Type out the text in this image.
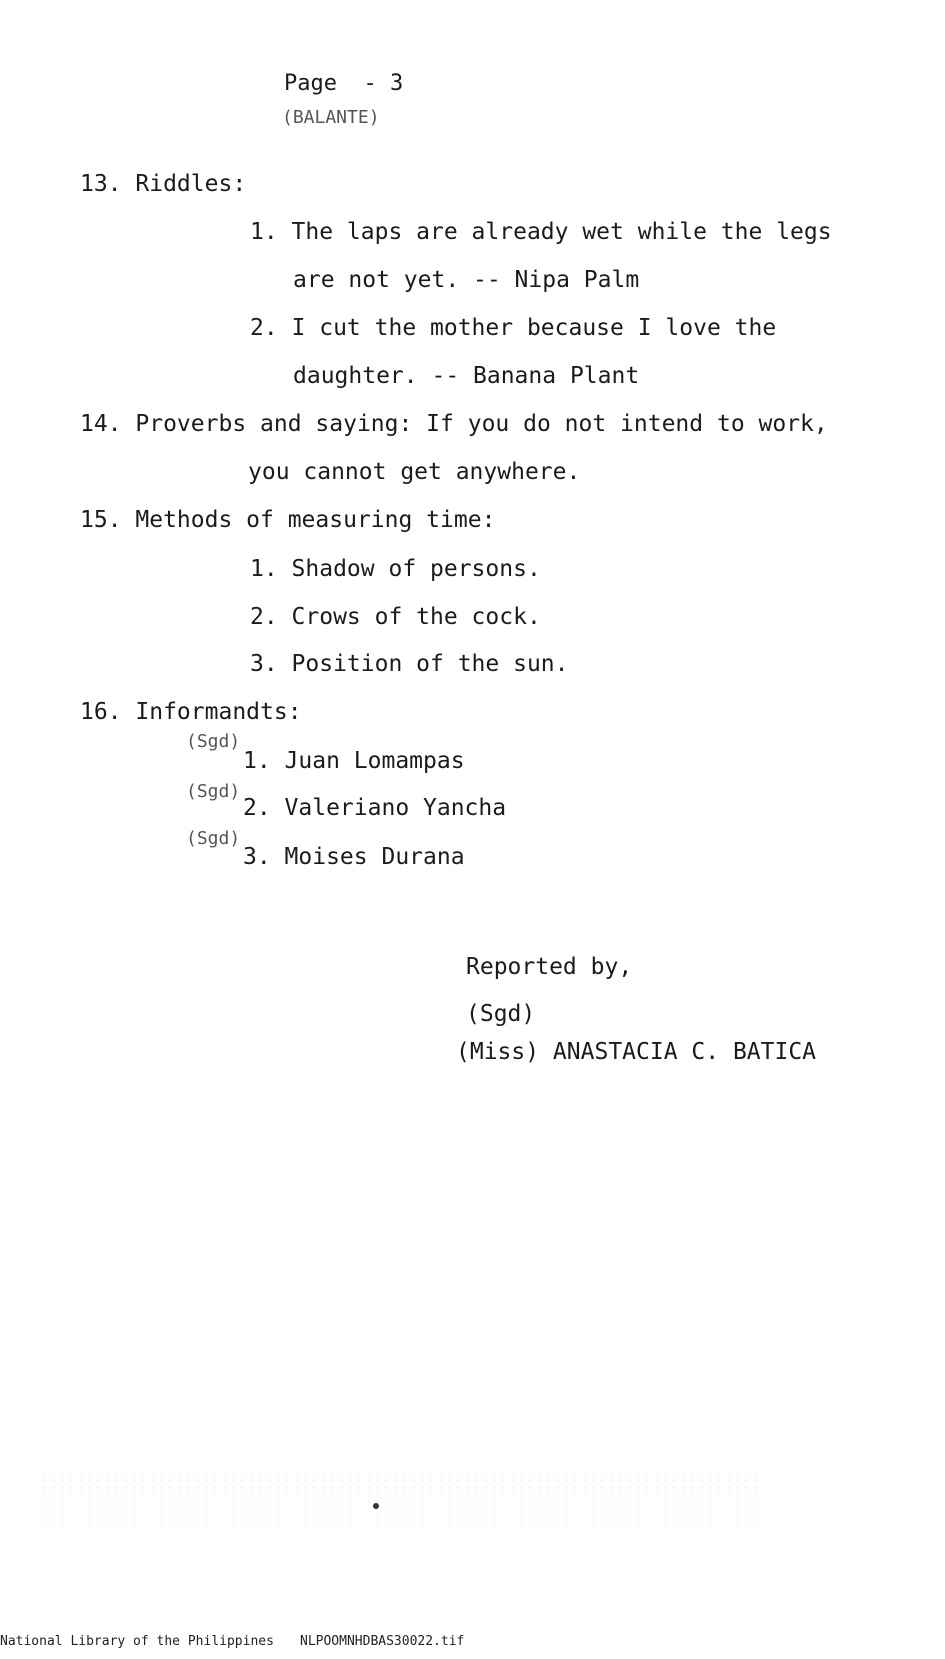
Page  - 3
(BALANTE)
13. Riddles:
1. The laps are already wet while the legs
are not yet. -- Nipa Palm
2. I cut the mother because I love the
daughter. -- Banana Plant
14. Proverbs and saying: If you do not intend to work,
you cannot get anywhere.
15. Methods of measuring time:
1. Shadow of persons.
2. Crows of the cock.
3. Position of the sun.
16. Informandts:
(Sgd)
1. Juan Lomampas
(Sgd)
2. Valeriano Yancha
(Sgd)
3. Moises Durana
Reported by,
(Sgd)
(Miss) ANASTACIA C. BATICA
National Library of the Philippines NLPOOMNHDBAS30022.tif
